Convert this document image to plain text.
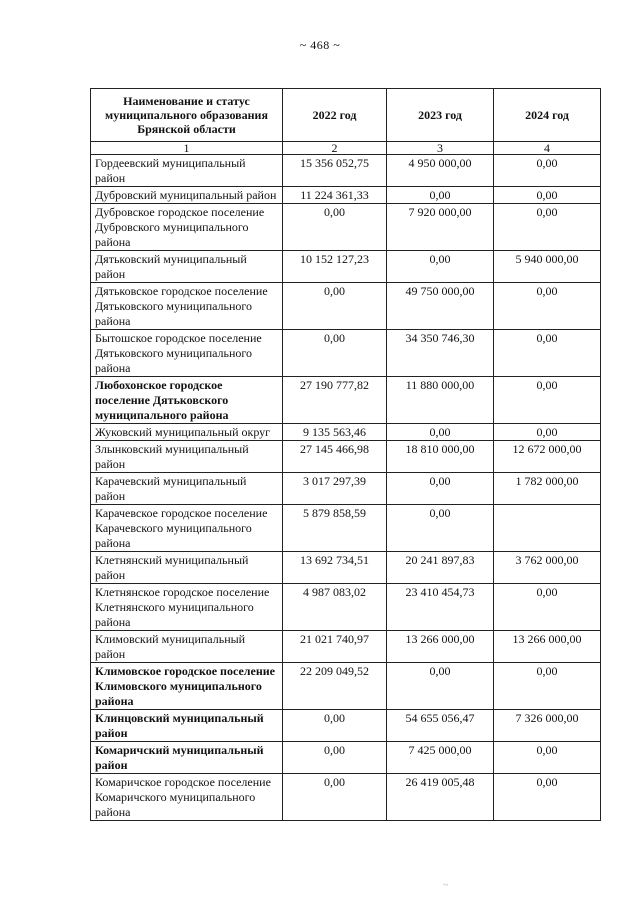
~ 468 ~
Наименование и статус муниципального образования Брянской области	2022 год	2023 год	2024 год
1	2	3	4
Гордеевский муниципальный район	15 356 052,75	4 950 000,00	0,00
Дубровский муниципальный район	11 224 361,33	0,00	0,00
Дубровское городское поселение Дубровского муниципального района	0,00	7 920 000,00	0,00
Дятьковский муниципальный район	10 152 127,23	0,00	5 940 000,00
Дятьковское городское поселение Дятьковского муниципального района	0,00	49 750 000,00	0,00
Бытошское городское поселение Дятьковского муниципального района	0,00	34 350 746,30	0,00
Любохонское городское поселение Дятьковского муниципального района	27 190 777,82	11 880 000,00	0,00
Жуковский муниципальный округ	9 135 563,46	0,00	0,00
Злынковский муниципальный район	27 145 466,98	18 810 000,00	12 672 000,00
Карачевский муниципальный район	3 017 297,39	0,00	1 782 000,00
Карачевское городское поселение Карачевского муниципального района	5 879 858,59	0,00	
Клетнянский муниципальный район	13 692 734,51	20 241 897,83	3 762 000,00
Клетнянское городское поселение Клетнянского муниципального района	4 987 083,02	23 410 454,73	0,00
Климовский муниципальный район	21 021 740,97	13 266 000,00	13 266 000,00
Климовское городское поселение Климовского муниципального района	22 209 049,52	0,00	0,00
Клинцовский муниципальный район	0,00	54 655 056,47	7 326 000,00
Комаричский муниципальный район	0,00	7 425 000,00	0,00
Комаричское городское поселение Комаричского муниципального района	0,00	26 419 005,48	0,00
~
